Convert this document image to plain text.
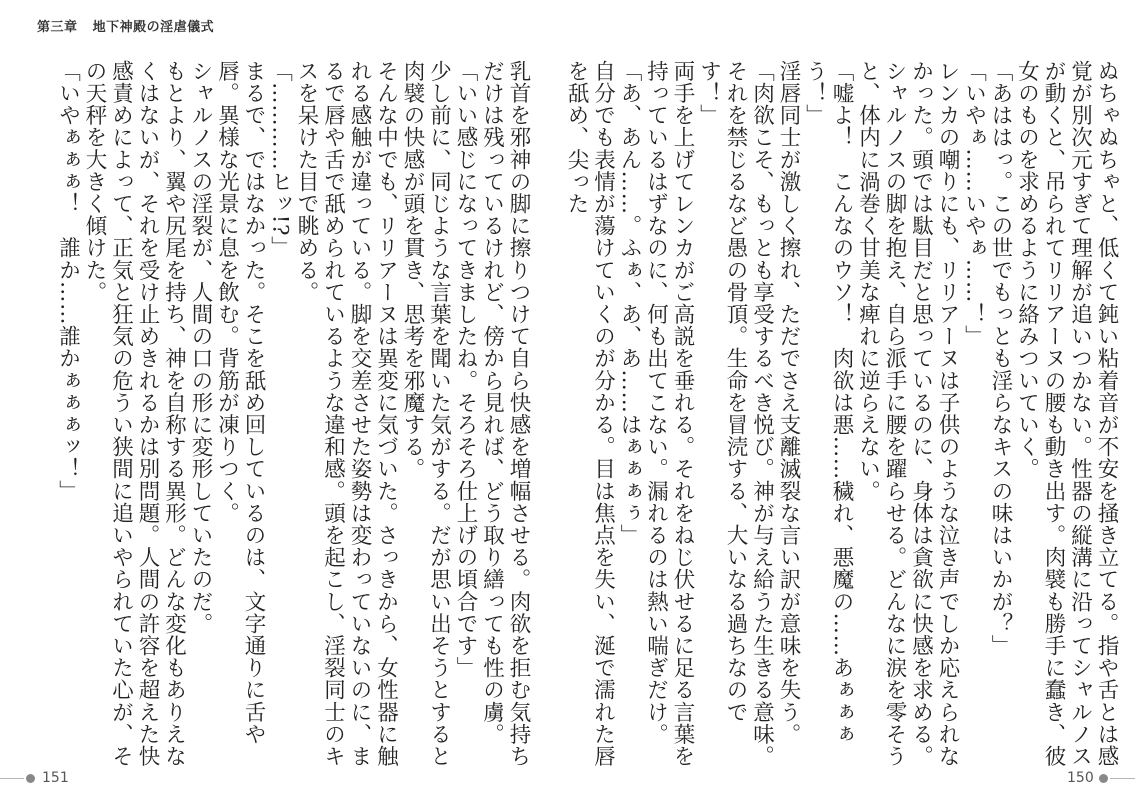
第三章 地下神殿の淫虐儀式

ぬちゃぬちゃと、低くて鈍い粘着音が不安を掻き立てる。指や舌とは感覚が別次元すぎて理解が追いつかない。性器の縦溝に沿ってシャルノスが動くと、吊られてリリアーヌの腰も動き出す。肉襞も勝手に蠢き、彼女のものを求めるように絡みついていく。

「あははっ。この世でもっとも淫らなキスの味はいかが？」

「いやぁ……いやぁ……！」

レンカの嘲りにも、リリアーヌは子供のような泣き声でしか応えられなかった。頭では駄目だと思っているのに、身体は貪欲に快感を求める。シャルノスの脚を抱え、自ら派手に腰を躍らせる。どんなに涙を零そうと、体内に渦巻く甘美な痺れに逆らえない。

「嘘よ！　こんなのウソ！　肉欲は悪……穢れ、悪魔の……あぁぁぁう！」

淫唇同士が激しく擦れ、ただでさえ支離滅裂な言い訳が意味を失う。

「肉欲こそ、もっとも享受するべき悦び。神が与え給うた生きる意味。それを禁じるなど愚の骨頂。生命を冒涜する、大いなる過ちなのです！」

両手を上げてレンカがご高説を垂れる。それをねじ伏せるに足る言葉を持っているはずなのに、何も出てこない。漏れるのは熱い喘ぎだけ。

「あ、あん……。ふぁ、あ、あ……はぁぁぁぅ」

自分でも表情が蕩けていくのが分かる。目は焦点を失い、涎で濡れた唇を舐め、尖った

乳首を邪神の脚に擦りつけて自ら快感を増幅させる。肉欲を拒む気持ちだけは残っているけれど、傍から見れば、どう取り繕っても性の虜。

「いい感じになってきましたね。そろそろ仕上げの頃合です」

少し前に、同じような言葉を聞いた気がする。だが思い出そうとすると肉襞の快感が頭を貫き、思考を邪魔する。

そんな中でも、リリアーヌは異変に気づいた。さっきから、女性器に触れる感触が違っている。脚を交差させた姿勢は変わっていないのに、まるで唇や舌で舐められているような違和感。頭を起こし、淫裂同士のキスを呆けた目で眺める。

「…………ヒッ!?」

まるで、ではなかった。そこを舐め回しているのは、文字通りに舌や唇。異様な光景に息を飲む。背筋が凍りつく。

シャルノスの淫裂が、人間の口の形に変形していたのだ。

もとより、翼や尻尾を持ち、神を自称する異形。どんな変化もありえなくはないが、それを受け止めきれるかは別問題。人間の許容を超えた快感責めによって、正気と狂気の危うい狭間に追いやられていた心が、その天秤を大きく傾けた。

「いやぁぁぁ！　誰か……誰かぁぁぁッ！」

151	150
